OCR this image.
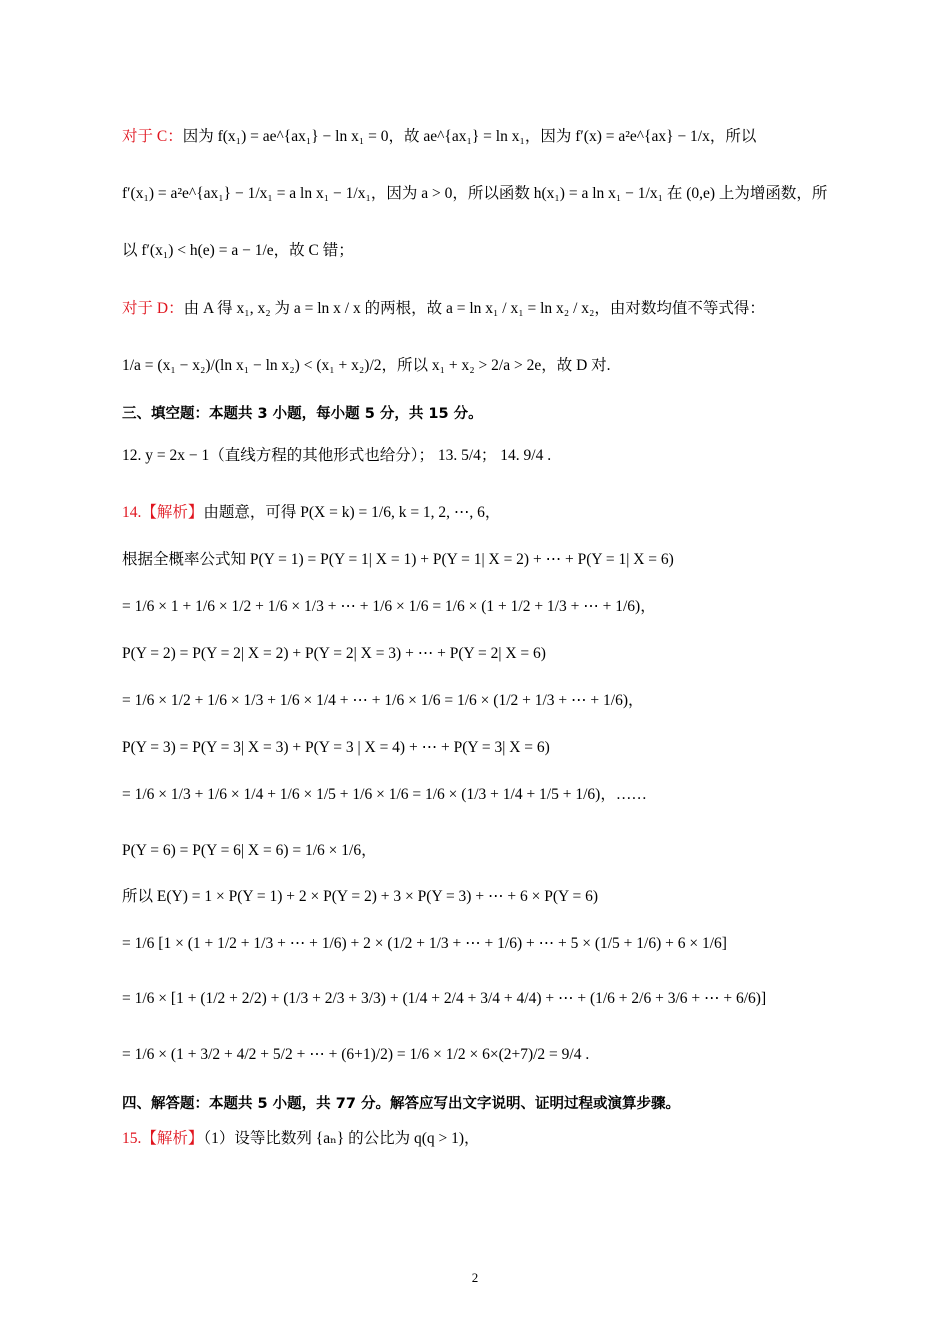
对于 C：因为 f(x₁) = ae^{ax₁} − ln x₁ = 0，故 ae^{ax₁} = ln x₁，因为 f′(x) = a²e^{ax} − 1/x，所以
f′(x₁) = a²e^{ax₁} − 1/x₁ = a ln x₁ − 1/x₁，因为 a > 0，所以函数 h(x₁) = a ln x₁ − 1/x₁ 在 (0,e) 上为增函数，所
以 f′(x₁) < h(e) = a − 1/e，故 C 错；
对于 D：由 A 得 x₁, x₂ 为 a = ln x / x 的两根，故 a = ln x₁ / x₁ = ln x₂ / x₂，由对数均值不等式得：
1/a = (x₁ − x₂)/(ln x₁ − ln x₂) < (x₁ + x₂)/2，所以 x₁ + x₂ > 2/a > 2e，故 D 对.
三、填空题：本题共 3 小题，每小题 5 分，共 15 分。
12. y = 2x − 1（直线方程的其他形式也给分）； 13. 5/4； 14. 9/4 .
14.【解析】由题意，可得 P(X = k) = 1/6, k = 1, 2, ⋯, 6，
根据全概率公式知 P(Y = 1) = P(Y = 1| X = 1) + P(Y = 1| X = 2) + ⋯ + P(Y = 1| X = 6)
= 1/6 × 1 + 1/6 × 1/2 + 1/6 × 1/3 + ⋯ + 1/6 × 1/6 = 1/6 × (1 + 1/2 + 1/3 + ⋯ + 1/6)，
P(Y = 2) = P(Y = 2| X = 2) + P(Y = 2| X = 3) + ⋯ + P(Y = 2| X = 6)
= 1/6 × 1/2 + 1/6 × 1/3 + 1/6 × 1/4 + ⋯ + 1/6 × 1/6 = 1/6 × (1/2 + 1/3 + ⋯ + 1/6)，
P(Y = 3) = P(Y = 3| X = 3) + P(Y = 3 | X = 4) + ⋯ + P(Y = 3| X = 6)
= 1/6 × 1/3 + 1/6 × 1/4 + 1/6 × 1/5 + 1/6 × 1/6 = 1/6 × (1/3 + 1/4 + 1/5 + 1/6)，……
P(Y = 6) = P(Y = 6| X = 6) = 1/6 × 1/6，
所以 E(Y) = 1 × P(Y = 1) + 2 × P(Y = 2) + 3 × P(Y = 3) + ⋯ + 6 × P(Y = 6)
= 1/6 [1 × (1 + 1/2 + 1/3 + ⋯ + 1/6) + 2 × (1/2 + 1/3 + ⋯ + 1/6) + ⋯ + 5 × (1/5 + 1/6) + 6 × 1/6]
= 1/6 × [1 + (1/2 + 2/2) + (1/3 + 2/3 + 3/3) + (1/4 + 2/4 + 3/4 + 4/4) + ⋯ + (1/6 + 2/6 + 3/6 + ⋯ + 6/6)]
= 1/6 × (1 + 3/2 + 4/2 + 5/2 + ⋯ + (6+1)/2) = 1/6 × 1/2 × 6×(2+7)/2 = 9/4 .
四、解答题：本题共 5 小题，共 77 分。解答应写出文字说明、证明过程或演算步骤。
15.【解析】（1）设等比数列 {aₙ} 的公比为 q(q > 1)，
2
